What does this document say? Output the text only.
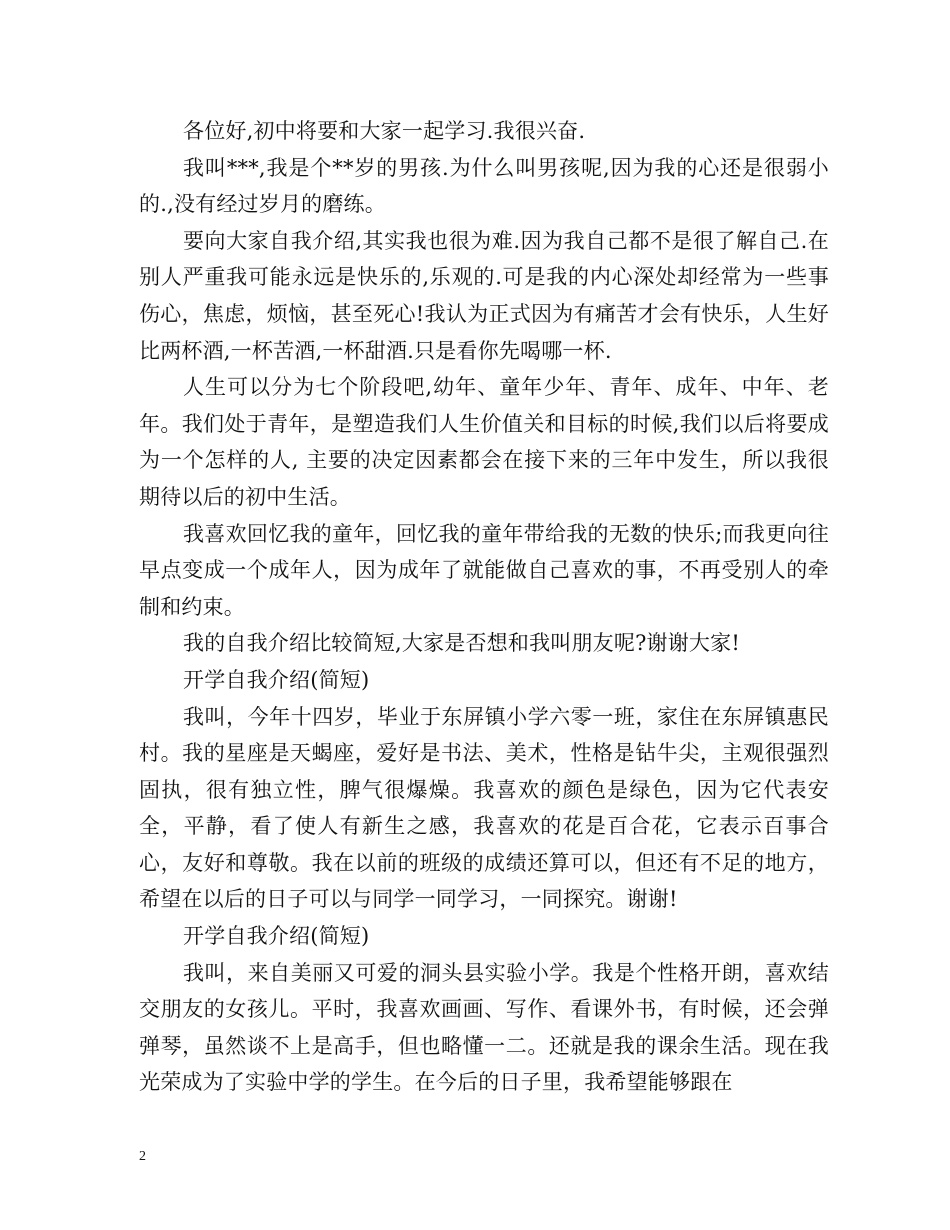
各位好,初中将要和大家一起学习.我很兴奋.

我叫***,我是个**岁的男孩.为什么叫男孩呢,因为我的心还是很弱小的.,没有经过岁月的磨练。

要向大家自我介绍,其实我也很为难.因为我自己都不是很了解自己.在别人严重我可能永远是快乐的,乐观的.可是我的内心深处却经常为一些事伤心，焦虑，烦恼，甚至死心!我认为正式因为有痛苦才会有快乐，人生好比两杯酒,一杯苦酒,一杯甜酒.只是看你先喝哪一杯.

人生可以分为七个阶段吧,幼年、童年少年、青年、成年、中年、老年。我们处于青年，是塑造我们人生价值关和目标的时候,我们以后将要成为一个怎样的人, 主要的决定因素都会在接下来的三年中发生，所以我很期待以后的初中生活。

我喜欢回忆我的童年，回忆我的童年带给我的无数的快乐;而我更向往早点变成一个成年人，因为成年了就能做自己喜欢的事，不再受别人的牵制和约束。

我的自我介绍比较简短,大家是否想和我叫朋友呢?谢谢大家!

开学自我介绍(简短)

我叫，今年十四岁，毕业于东屏镇小学六零一班，家住在东屏镇惠民村。我的星座是天蝎座，爱好是书法、美术，性格是钻牛尖，主观很强烈固执，很有独立性，脾气很爆燥。我喜欢的颜色是绿色，因为它代表安全，平静，看了使人有新生之感，我喜欢的花是百合花，它表示百事合心，友好和尊敬。我在以前的班级的成绩还算可以，但还有不足的地方，希望在以后的日子可以与同学一同学习，一同探究。谢谢!

开学自我介绍(简短)

我叫，来自美丽又可爱的洞头县实验小学。我是个性格开朗，喜欢结交朋友的女孩儿。平时，我喜欢画画、写作、看课外书，有时候，还会弹弹琴，虽然谈不上是高手，但也略懂一二。还就是我的课余生活。现在我光荣成为了实验中学的学生。在今后的日子里，我希望能够跟在

2
